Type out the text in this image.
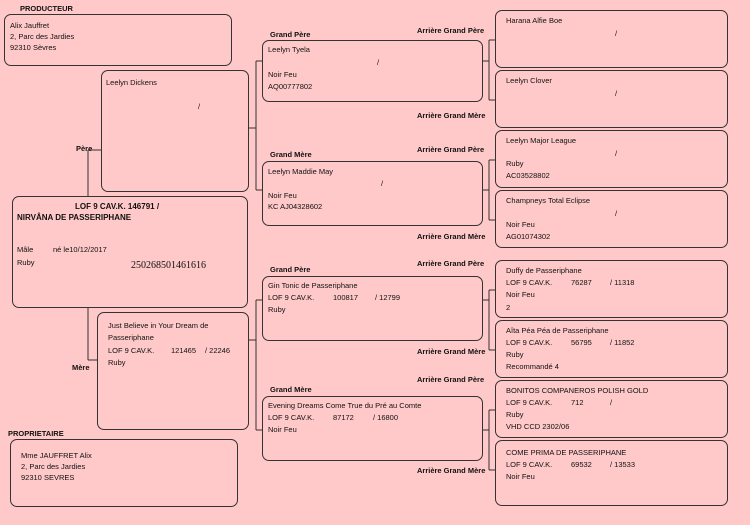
PRODUCTEUR
Alix Jauffret
2, Parc des Jardies
92310 Sèvres
Père
Leelyn Dickens
/
LOF 9 CAV.K. 146791 /
NIRVÂNA DE PASSERIPHANE
Mâle	né le10/12/2017
Ruby	250268501461616
Mère
Just Believe in Your Dream de
Passeriphane
LOF 9 CAV.K. 121465 / 22246
Ruby
PROPRIETAIRE
Mme JAUFFRET Alix
2, Parc des Jardies
92310 SEVRES
Grand Père
Leelyn Tyela
/
Noir Feu
AQ00777802
Grand Mère
Leelyn Maddie May
/
Noir Feu
KC AJ04328602
Grand Père
Gin Tonic de Passeriphane
LOF 9 CAV.K. 100817 / 12799
Ruby
Grand Mère
Evening Dreams Come True du Pré au Comte
LOF 9 CAV.K. 87172	/ 16800
Noir Feu
Arrière Grand Père
Arrière Grand Mère
Arrière Grand Père
Arrière Grand Mère
Arrière Grand Père
Arrière Grand Mère
Arrière Grand Père
Arrière Grand Mère
Harana Alfie Boe
/
Leelyn Clover
/
Leelyn Major League
/
Ruby
AC03528802
Champneys Total Eclipse
/
Noir Feu
AG01074302
Duffy de Passeriphane
LOF 9 CAV.K. 76287 / 11318
Noir Feu
2
Aîta Péa Péa de Passeriphane
LOF 9 CAV.K. 56795 / 11852
Ruby
Recommandé 4
BONITOS COMPANEROS POLISH GOLD
LOF 9 CAV.K. 712	/
Ruby
VHD CCD 2302/06
COME PRIMA DE PASSERIPHANE
LOF 9 CAV.K. 69532 / 13533
Noir Feu
